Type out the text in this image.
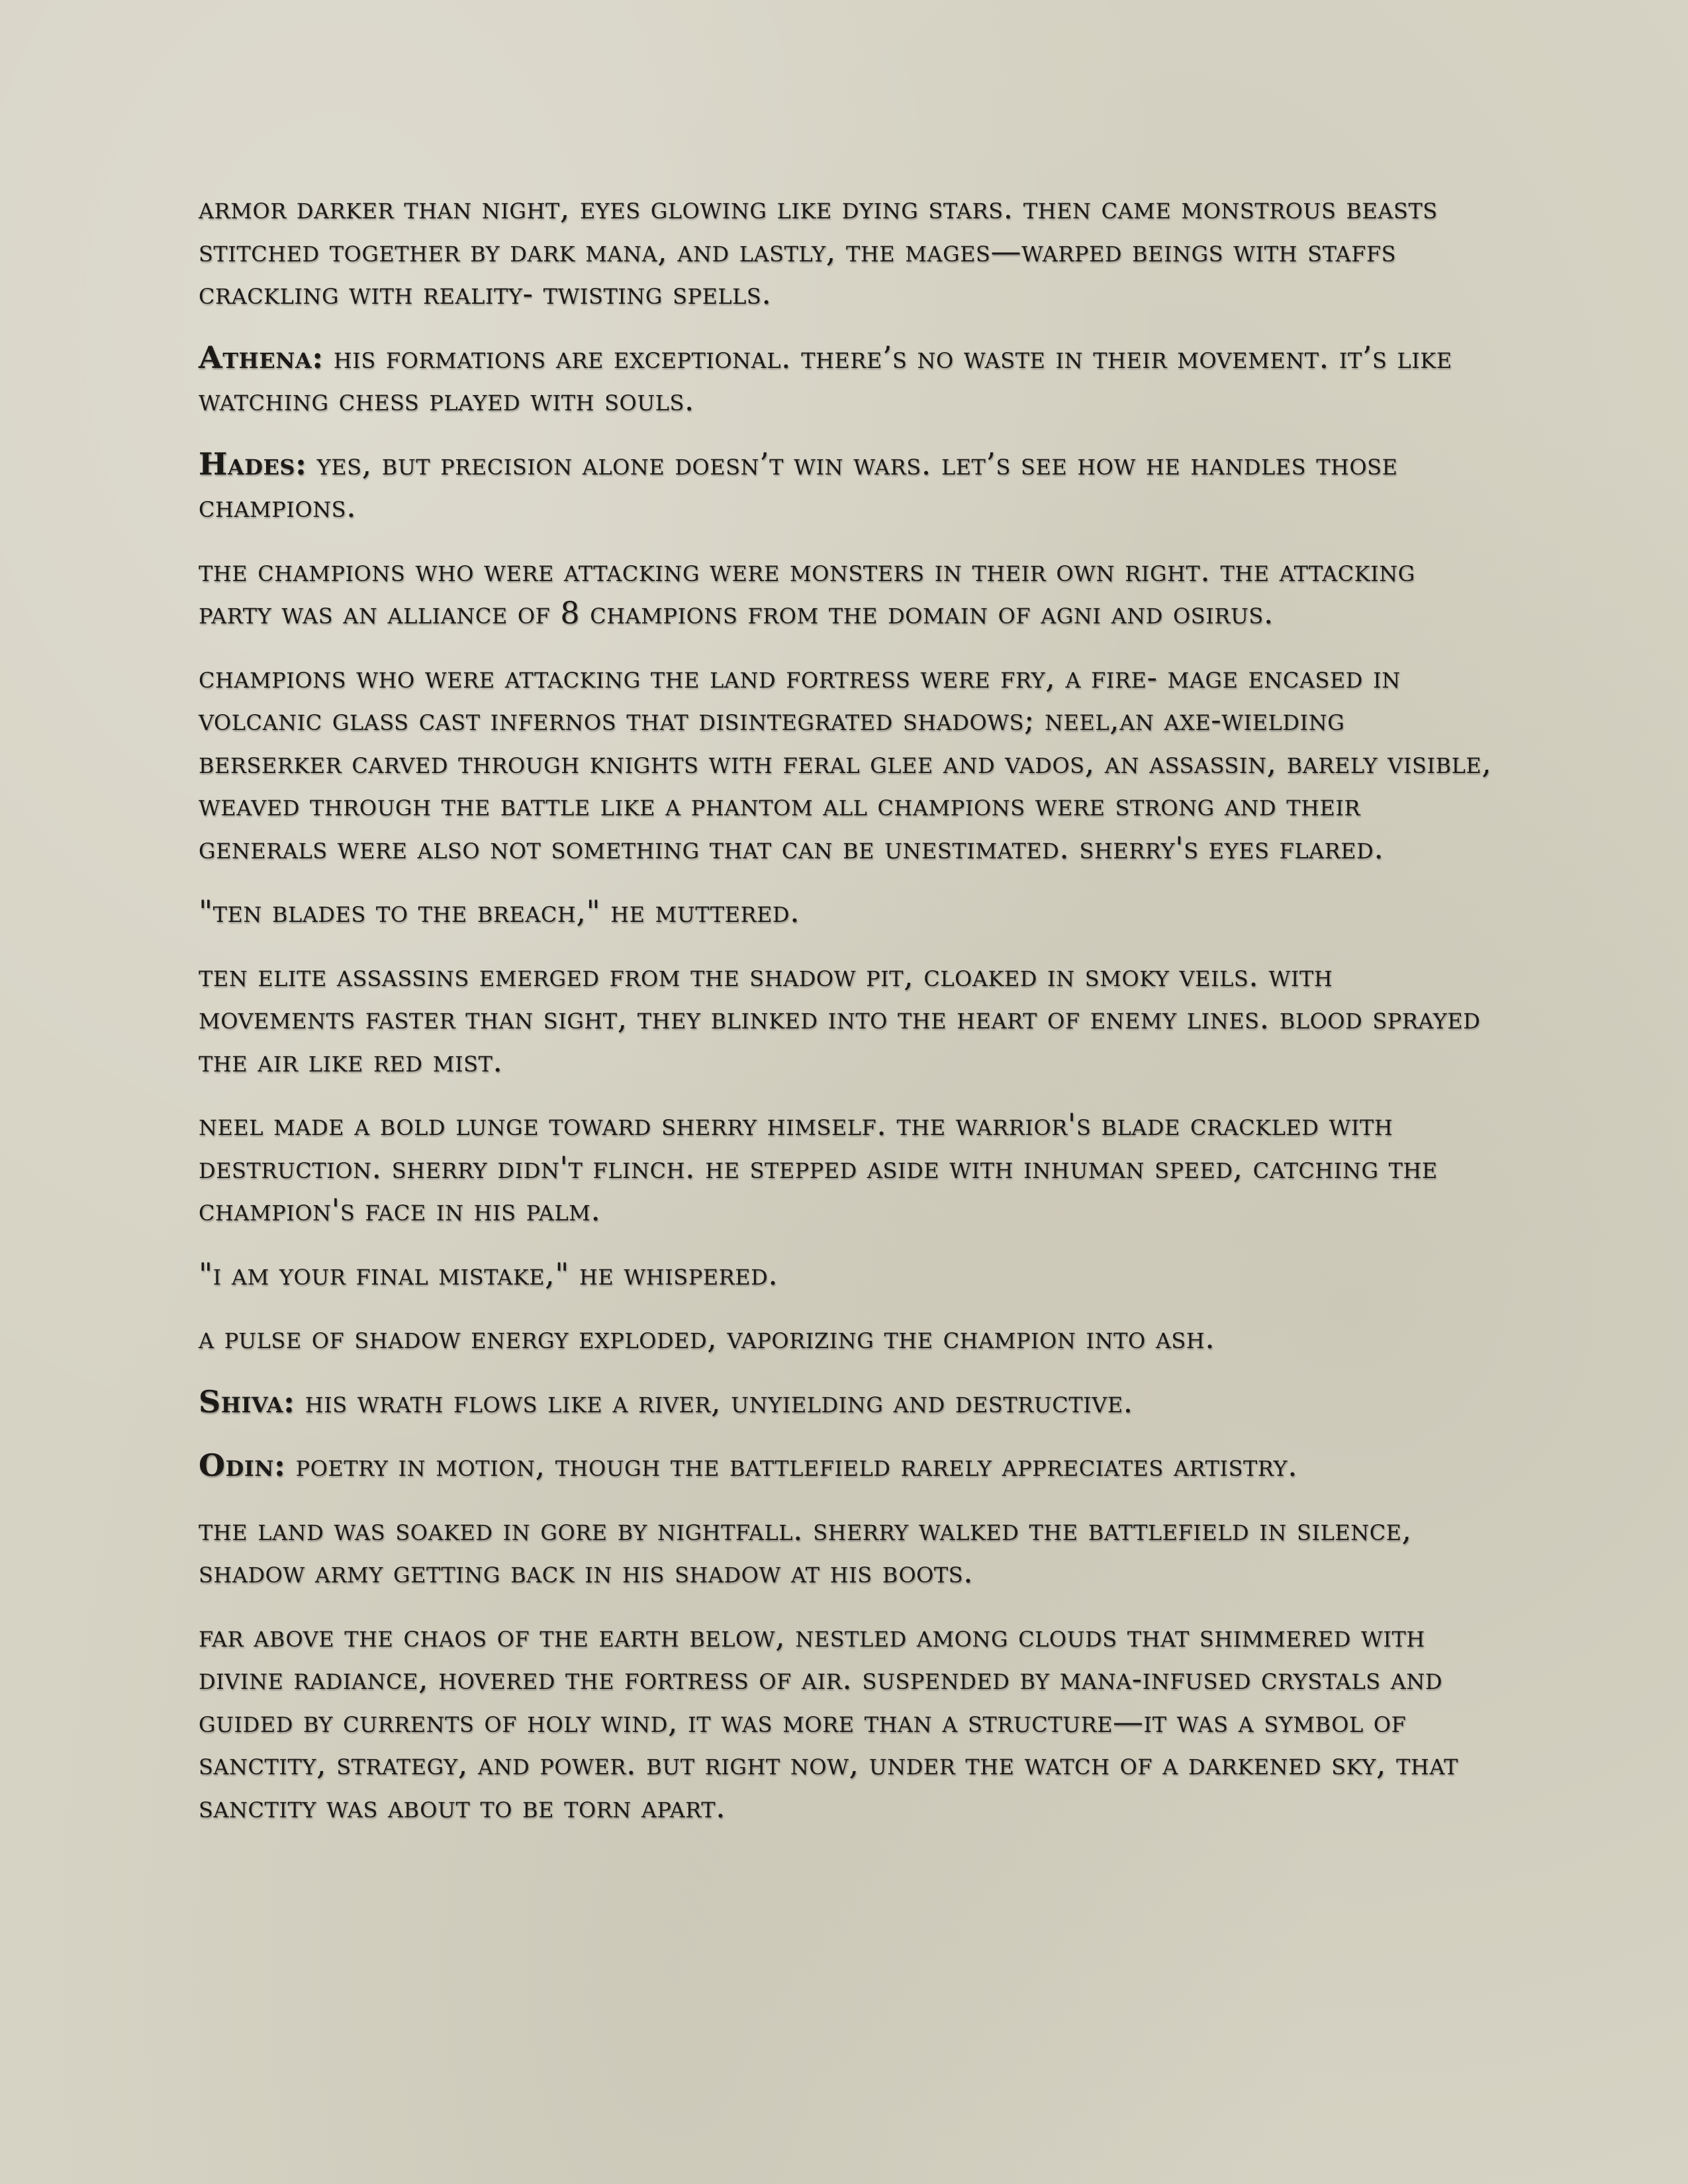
armor darker than night, eyes glowing like dying stars. then came monstrous beasts stitched together by dark mana, and lastly, the mages—warped beings with staffs crackling with reality- twisting spells.

Athena: his formations are exceptional. there’s no waste in their movement. it’s like watching chess played with souls.

Hades: yes, but precision alone doesn’t win wars. let’s see how he handles those champions.

the champions who were attacking were monsters in their own right. the attacking party was an alliance of 8 champions from the domain of agni and osirus.

champions who were attacking the land fortress were fry, a fire- mage encased in volcanic glass cast infernos that disintegrated shadows; neel,an axe-wielding berserker carved through knights with feral glee and vados, an assassin, barely visible, weaved through the battle like a phantom all champions were strong and their generals were also not something that can be unestimated. sherry's eyes flared.

"ten blades to the breach," he muttered.

ten elite assassins emerged from the shadow pit, cloaked in smoky veils. with movements faster than sight, they blinked into the heart of enemy lines. blood sprayed the air like red mist.

neel made a bold lunge toward sherry himself. the warrior's blade crackled with destruction. sherry didn't flinch. he stepped aside with inhuman speed, catching the champion's face in his palm.

"i am your final mistake," he whispered.

a pulse of shadow energy exploded, vaporizing the champion into ash.

Shiva: his wrath flows like a river, unyielding and destructive.

Odin: poetry in motion, though the battlefield rarely appreciates artistry.

the land was soaked in gore by nightfall. sherry walked the battlefield in silence, shadow army getting back in his shadow at his boots.

far above the chaos of the earth below, nestled among clouds that shimmered with divine radiance, hovered the fortress of air. suspended by mana-infused crystals and guided by currents of holy wind, it was more than a structure—it was a symbol of sanctity, strategy, and power. but right now, under the watch of a darkened sky, that sanctity was about to be torn apart.
